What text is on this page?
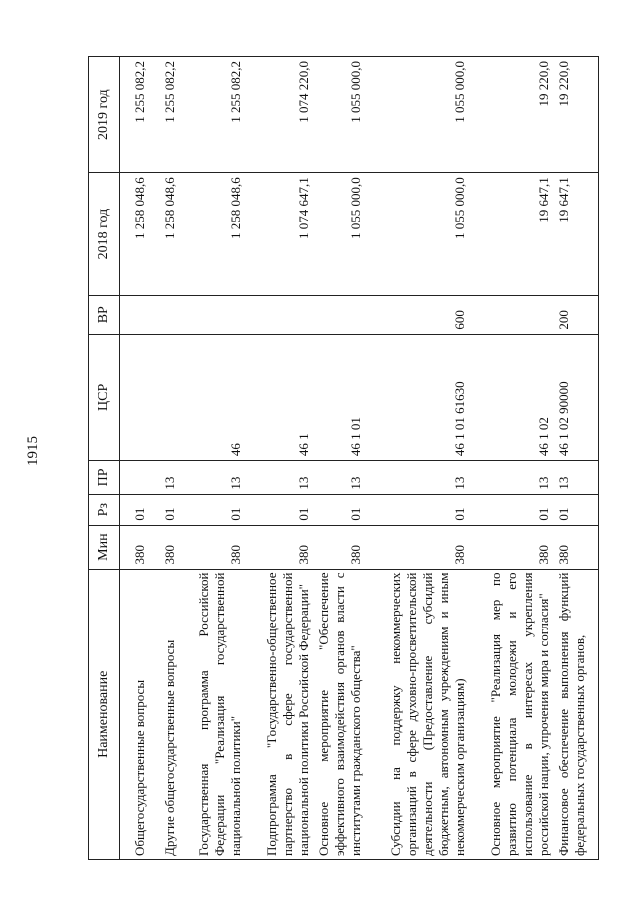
1915
Наименование	Мин	Рз	ПР	ЦСР	ВР	2018 год	2019 год
Общегосударственные вопросы	380	01				1 258 048,6	1 255 082,2
Другие общегосударственные вопросы	380	01	13			1 258 048,6	1 255 082,2
Государственная программа Российской Федерации "Реализация государственной национальной политики"	380	01	13	46		1 258 048,6	1 255 082,2
Подпрограмма "Государственно-общественное партнерство в сфере государственной национальной политики Российской Федерации"	380	01	13	46 1		1 074 647,1	1 074 220,0
Основное мероприятие "Обеспечение эффективного взаимодействия органов власти с институтами гражданского общества"	380	01	13	46 1 01		1 055 000,0	1 055 000,0
Субсидии на поддержку некоммерческих организаций в сфере духовно-просветительской деятельности (Предоставление субсидий бюджетным, автономным учреждениям и иным некоммерческим организациям)	380	01	13	46 1 01 61630	600	1 055 000,0	1 055 000,0
Основное мероприятие "Реализация мер по развитию потенциала молодежи и его использование в интересах укрепления российской нации, упрочения мира и согласия"	380	01	13	46 1 02		19 647,1	19 220,0
Финансовое обеспечение выполнения функций федеральных государственных органов,	380	01	13	46 1 02 90000	200	19 647,1	19 220,0
